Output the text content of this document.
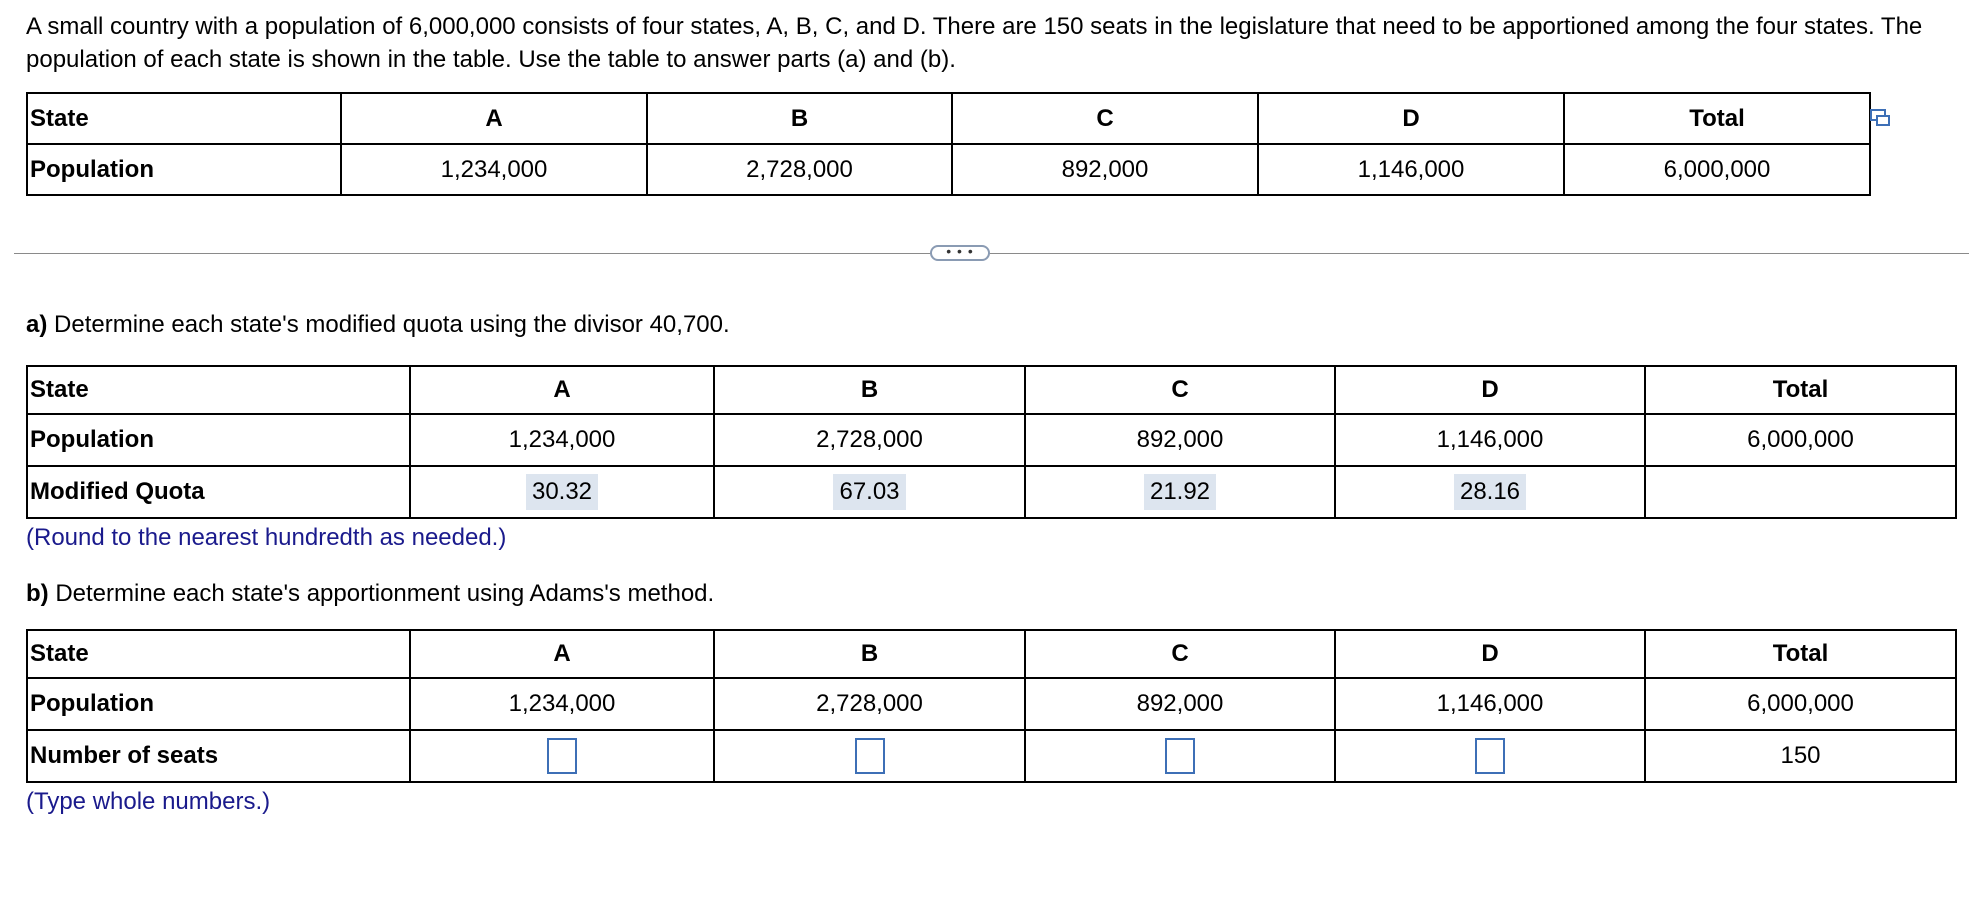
A small country with a population of 6,000,000 consists of four states, A, B, C, and D. There are 150 seats in the legislature that need to be apportioned among the four states. The population of each state is shown in the table. Use the table to answer parts (a) and (b).
State	A	B	C	D	Total
Population	1,234,000	2,728,000	892,000	1,146,000	6,000,000
• • •
a) Determine each state's modified quota using the divisor 40,700.
State	A	B	C	D	Total
Population	1,234,000	2,728,000	892,000	1,146,000	6,000,000
Modified Quota	30.32	67.03	21.92	28.16	
(Round to the nearest hundredth as needed.)
b) Determine each state's apportionment using Adams's method.
State	A	B	C	D	Total
Population	1,234,000	2,728,000	892,000	1,146,000	6,000,000
Number of seats					150
(Type whole numbers.)
